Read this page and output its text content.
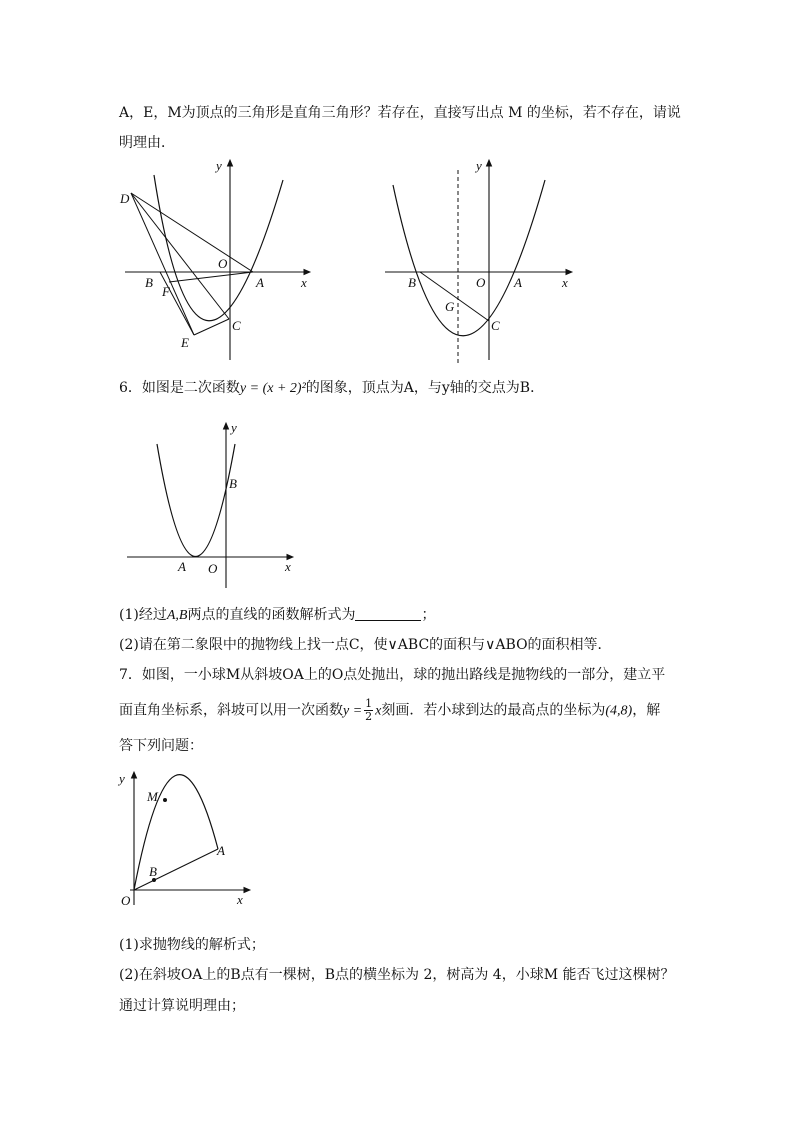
A，E，M为顶点的三角形是直角三角形？若存在，直接写出点 M 的坐标，若不存在，请说
明理由．
y
x
O
A
B
C
D
E
F
y
x
O A
B
C
G
6．如图是二次函数y = (x + 2)²的图象，顶点为A，与y轴的交点为B．
y
x
A O
B
(1)经过A,B两点的直线的函数解析式为	；
(2)请在第二象限中的抛物线上找一点C，使∨ABC的面积与∨ABO的面积相等．
7．如图，一小球M从斜坡OA上的O点处抛出，球的抛出路线是抛物线的一部分，建立平
面直角坐标系，斜坡可以用一次函数$y = \frac{1}{2}$ x刻画．若小球到达的最高点的坐标为(4,8)，解
答下列问题：
y
x
O
M
A
B
(1)求抛物线的解析式；
(2)在斜坡OA上的B点有一棵树，B点的横坐标为 2，树高为 4，小球M 能否飞过这棵树？
通过计算说明理由；
